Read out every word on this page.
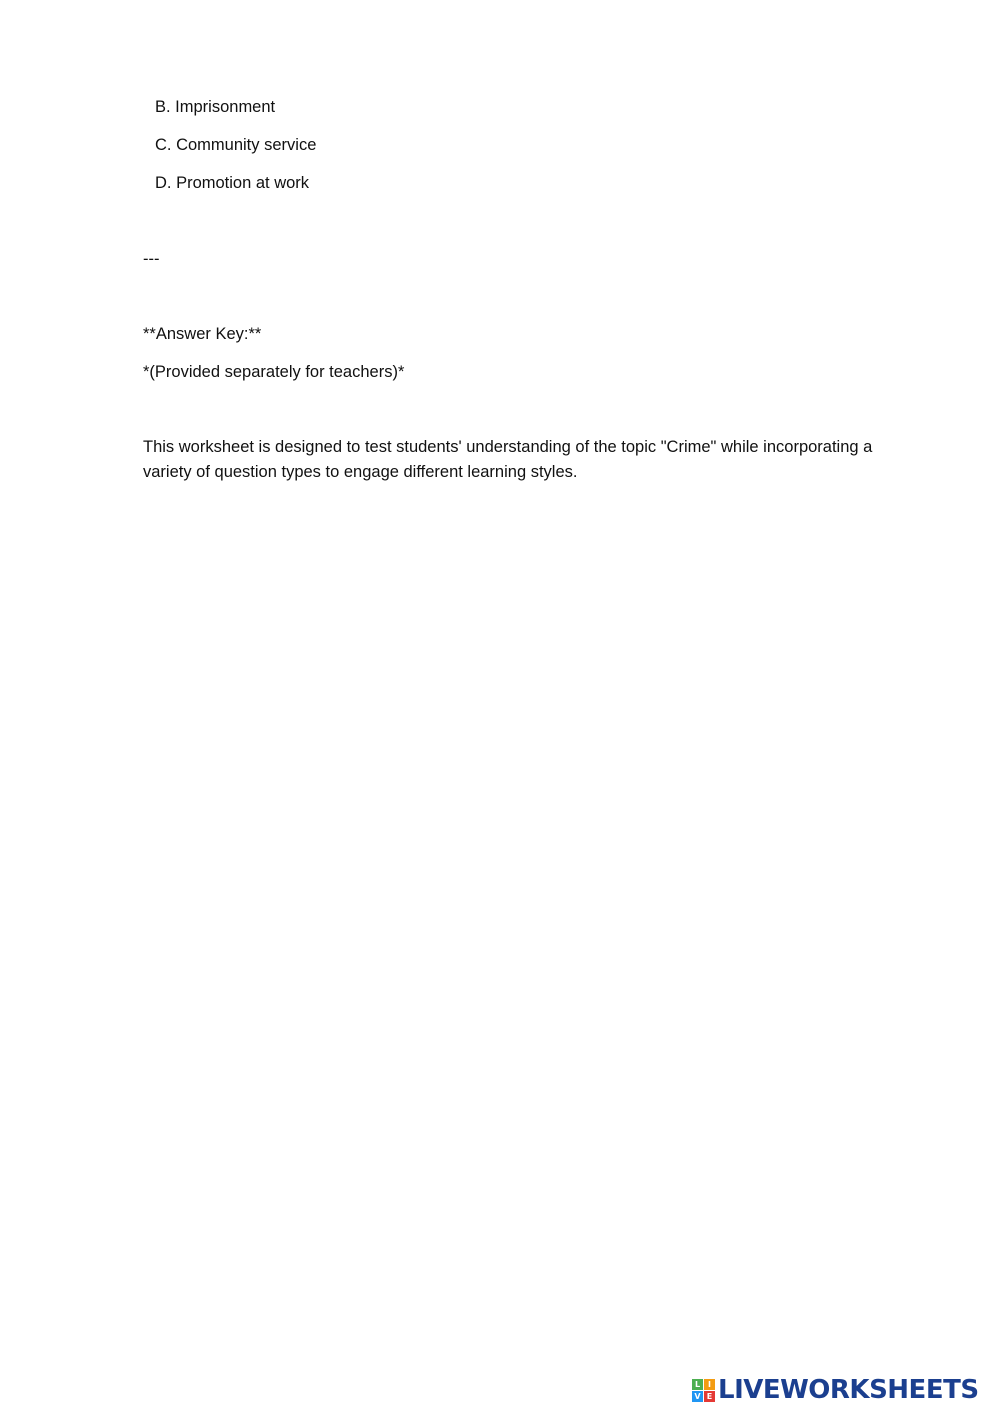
B. Imprisonment
C. Community service
D. Promotion at work
---
**Answer Key:**
*(Provided separately for teachers)*
This worksheet is designed to test students' understanding of the topic "Crime" while incorporating a variety of question types to engage different learning styles.
L I
V E LIVEWORKSHEETS
